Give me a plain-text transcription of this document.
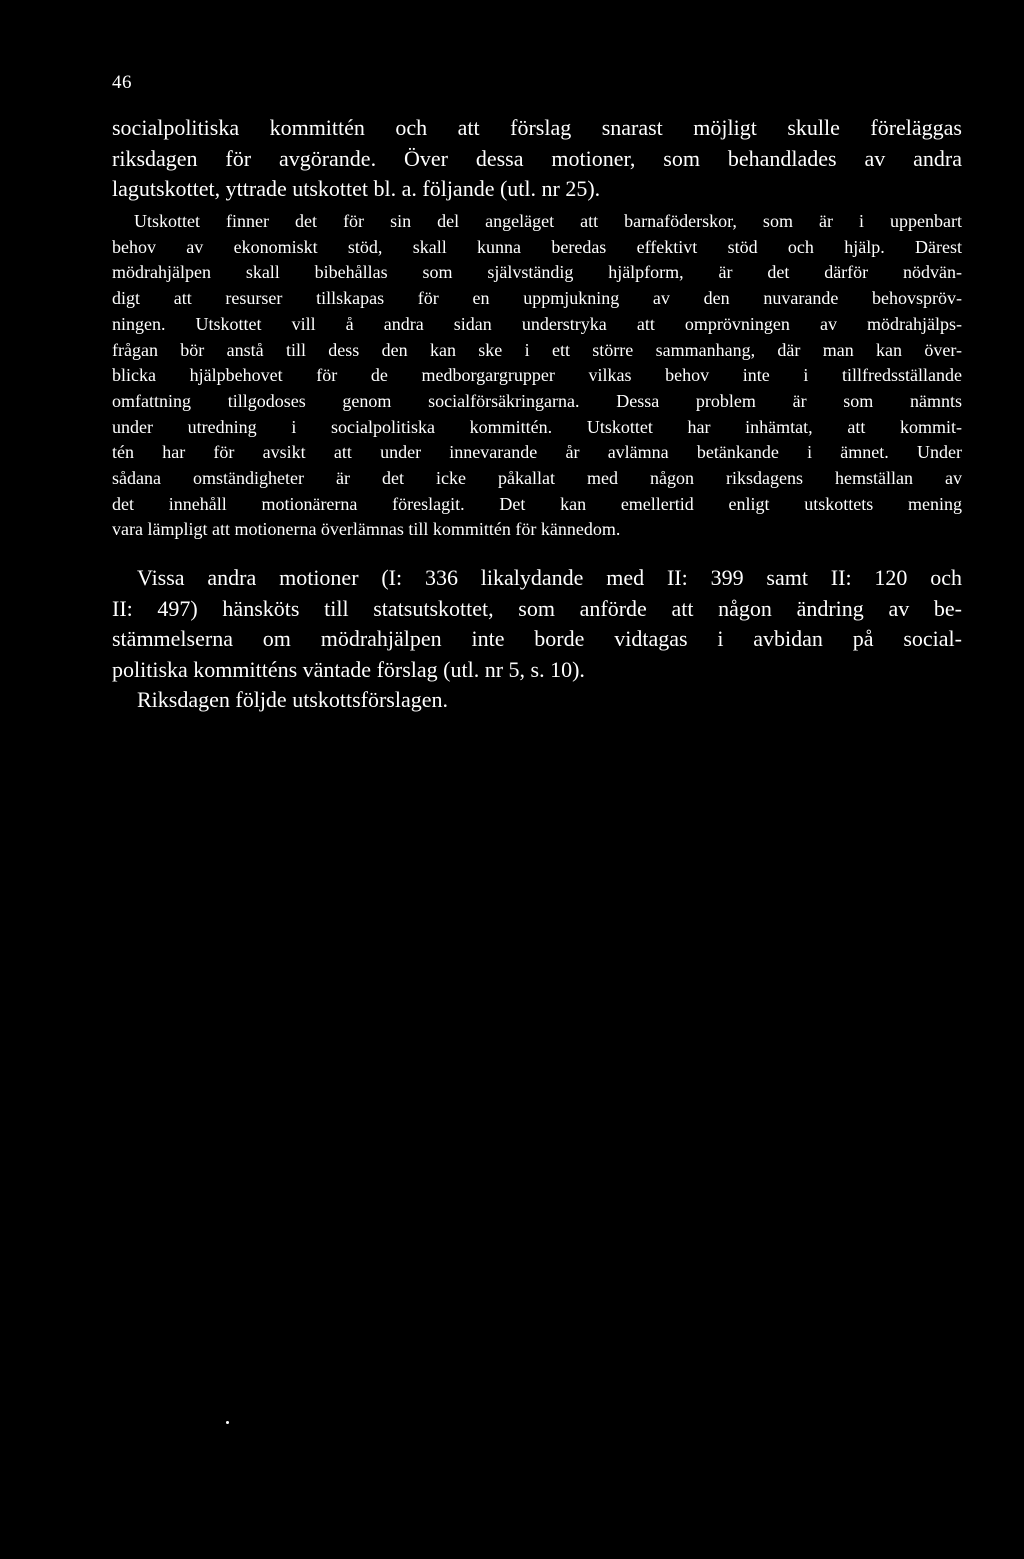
46
socialpolitiska kommittén och att förslag snarast möjligt skulle föreläggas
riksdagen för avgörande. Över dessa motioner, som behandlades av andra
lagutskottet, yttrade utskottet bl. a. följande (utl. nr 25).
Utskottet finner det för sin del angeläget att barnaföderskor, som är i uppenbart
behov av ekonomiskt stöd, skall kunna beredas effektivt stöd och hjälp. Därest
mödrahjälpen skall bibehållas som självständig hjälpform, är det därför nödvän-
digt att resurser tillskapas för en uppmjukning av den nuvarande behovspröv-
ningen. Utskottet vill å andra sidan understryka att omprövningen av mödrahjälps-
frågan bör anstå till dess den kan ske i ett större sammanhang, där man kan över-
blicka hjälpbehovet för de medborgargrupper vilkas behov inte i tillfredsställande
omfattning tillgodoses genom socialförsäkringarna. Dessa problem är som nämnts
under utredning i socialpolitiska kommittén. Utskottet har inhämtat, att kommit-
tén har för avsikt att under innevarande år avlämna betänkande i ämnet. Under
sådana omständigheter är det icke påkallat med någon riksdagens hemställan av
det innehåll motionärerna föreslagit. Det kan emellertid enligt utskottets mening
vara lämpligt att motionerna överlämnas till kommittén för kännedom.
Vissa andra motioner (I: 336 likalydande med II: 399 samt II: 120 och
II: 497) hänsköts till statsutskottet, som anförde att någon ändring av be-
stämmelserna om mödrahjälpen inte borde vidtagas i avbidan på social-
politiska kommitténs väntade förslag (utl. nr 5, s. 10).
Riksdagen följde utskottsförslagen.
